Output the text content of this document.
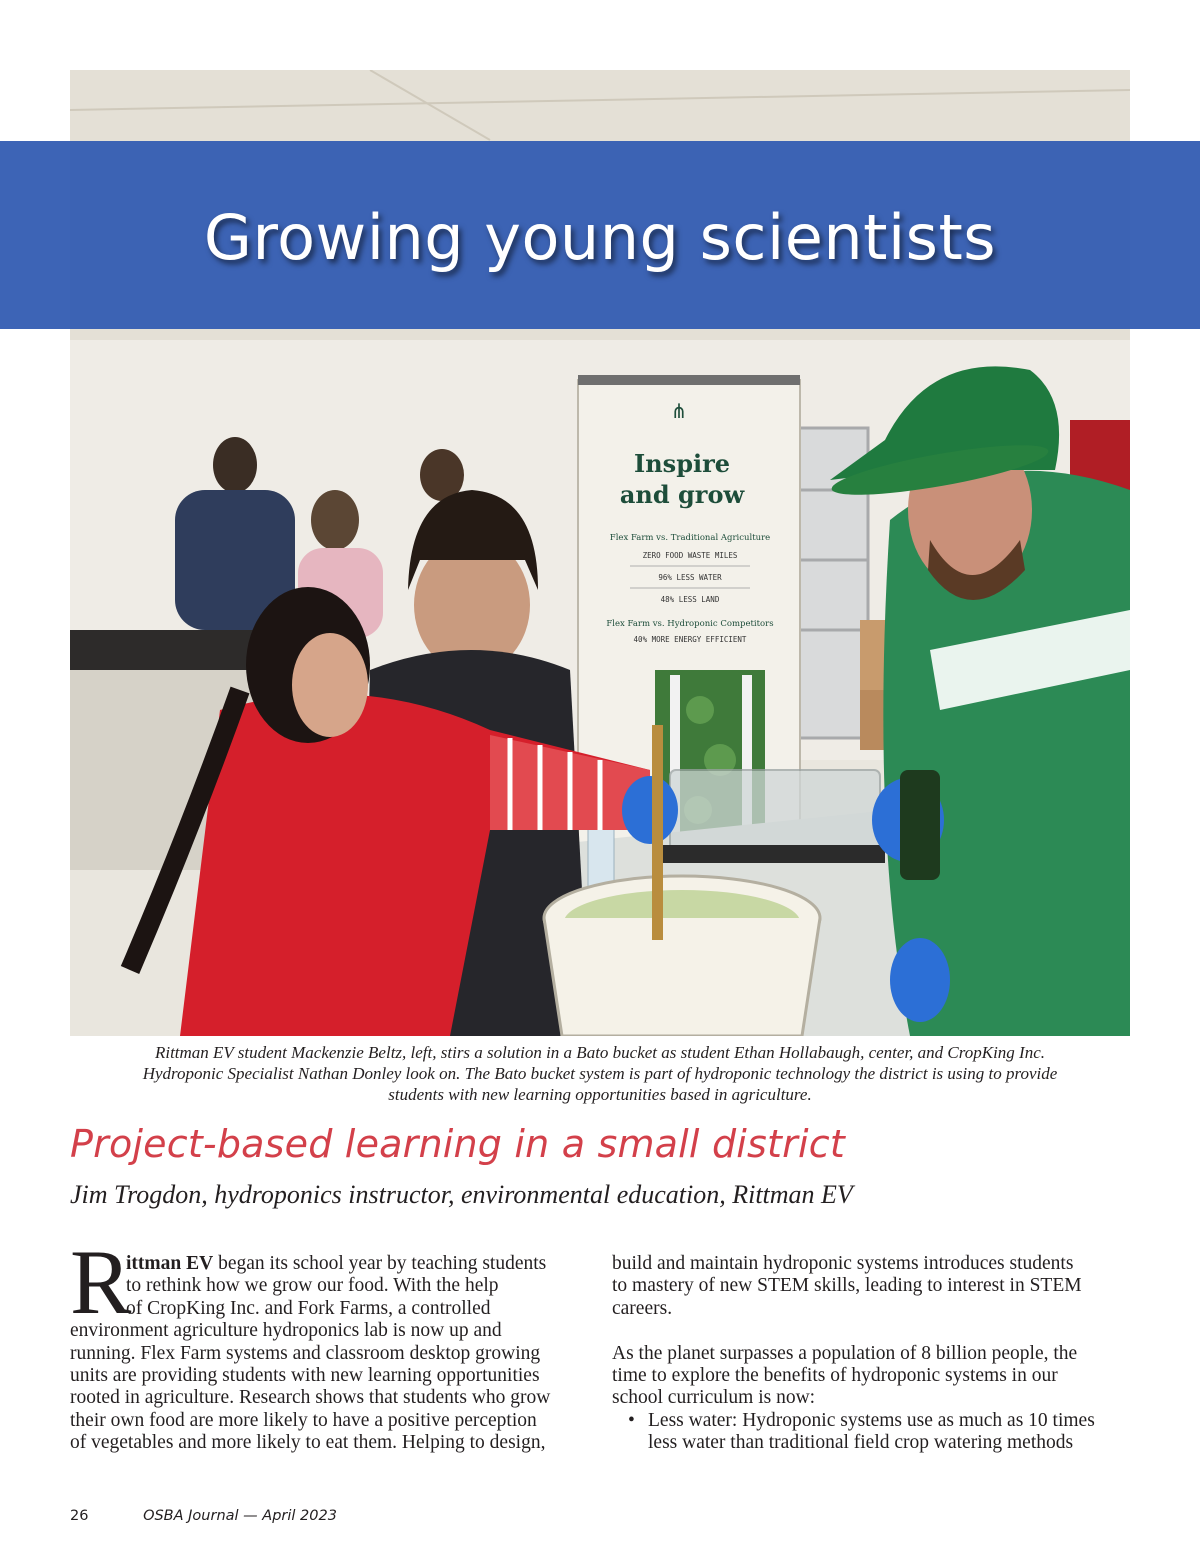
⋔
Inspire
and grow
Flex Farm vs. Traditional Agriculture
ZERO FOOD WASTE MILES
96% LESS WATER
48% LESS LAND
Flex Farm vs. Hydroponic Competitors
40% MORE ENERGY EFFICIENT
Growing young scientists
Rittman EV student Mackenzie Beltz, left, stirs a solution in a Bato bucket as student Ethan Hollabaugh, center, and CropKing Inc.
Hydroponic Specialist Nathan Donley look on. The Bato bucket system is part of hydroponic technology the district is using to provide
students with new learning opportunities based in agriculture.
Project-based learning in a small district
Jim Trogdon, hydroponics instructor, environmental education, Rittman EV
R
ittman EV began its school year by teaching students
to rethink how we grow our food. With the help
of CropKing Inc. and Fork Farms, a controlled
environment agriculture hydroponics lab is now up and
running. Flex Farm systems and classroom desktop growing
units are providing students with new learning opportunities
rooted in agriculture. Research shows that students who grow
their own food are more likely to have a positive perception
of vegetables and more likely to eat them. Helping to design,
build and maintain hydroponic systems introduces students
to mastery of new STEM skills, leading to interest in STEM
careers.
As the planet surpasses a population of 8 billion people, the
time to explore the benefits of hydroponic systems in our
school curriculum is now:
• Less water: Hydroponic systems use as much as 10 times
less water than traditional field crop watering methods
26	OSBA Journal — April 2023
